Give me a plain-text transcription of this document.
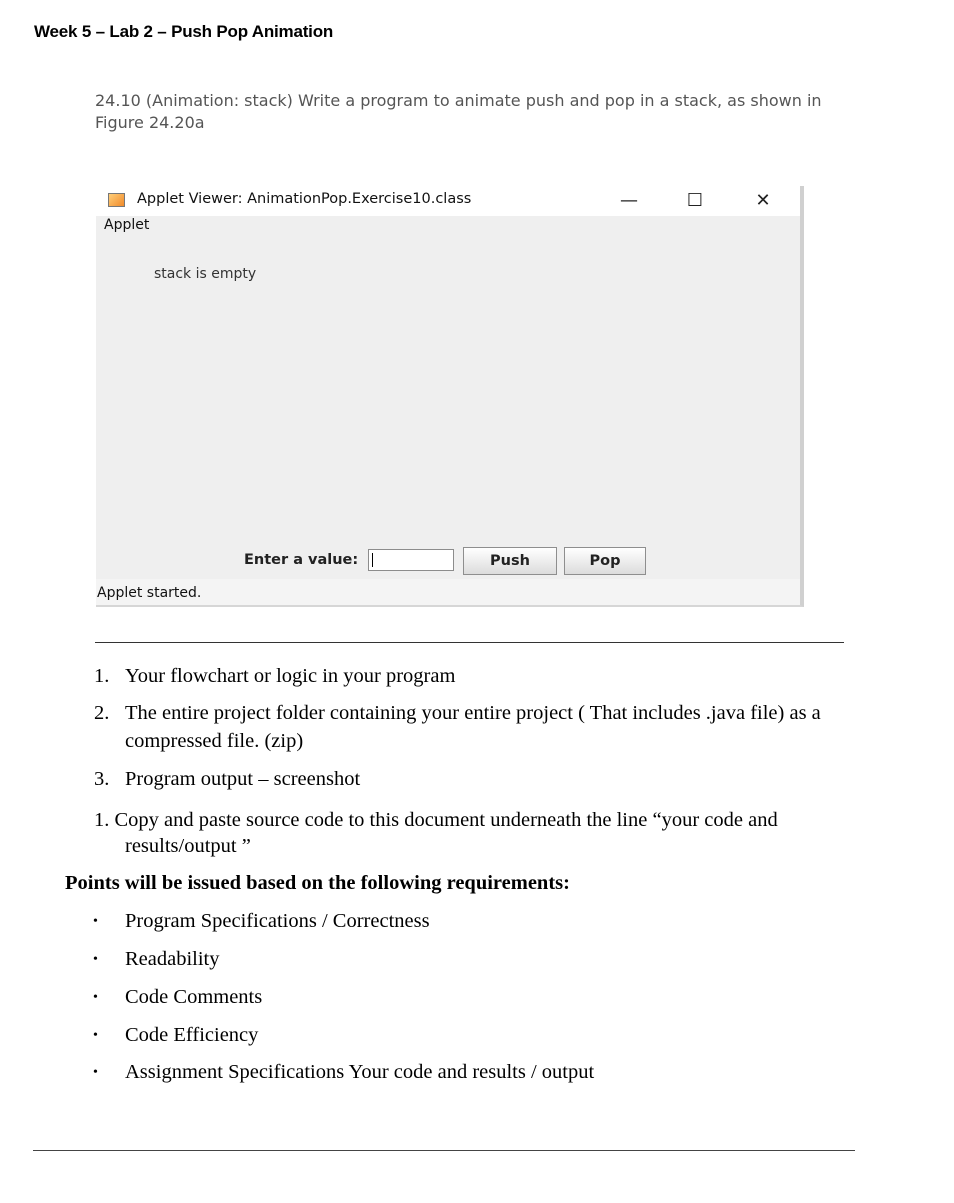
Week 5 – Lab 2 – Push Pop Animation
24.10 (Animation: stack) Write a program to animate push and pop in a stack, as shown in Figure 24.20a
Applet Viewer: AnimationPop.Exercise10.class	—	☐	✕
Applet
stack is empty
Enter a value:	Push	Pop
Applet started.
1. Your flowchart or logic in your program
2. The entire project folder containing your entire project ( That includes .java file) as a
compressed file. (zip)
3. Program output – screenshot
1. Copy and paste source code to this document underneath the line “your code and
results/output ”
Points will be issued based on the following requirements:
• Program Specifications / Correctness
• Readability
• Code Comments
• Code Efficiency
• Assignment Specifications Your code and results / output
